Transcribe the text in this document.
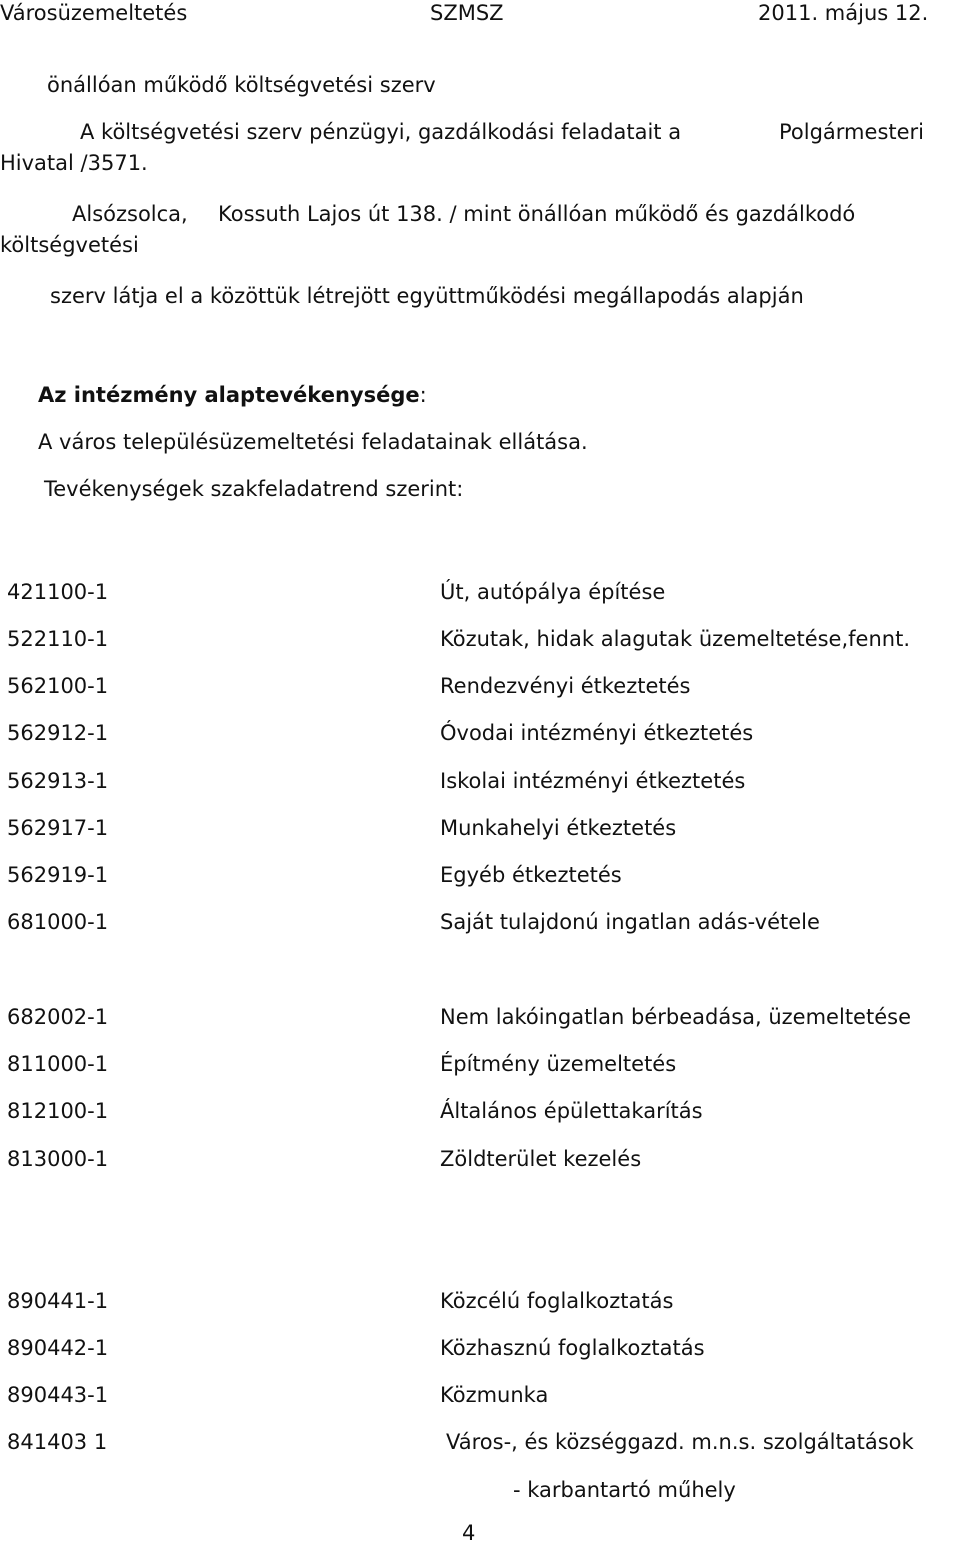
Városüzemeltetés	SZMSZ	2011. május 12.
önállóan működő költségvetési szerv
A költségvetési szerv pénzügyi, gazdálkodási feladatait a	Polgármesteri
Hivatal /3571.
Alsózsolca, Kossuth Lajos út 138. / mint önállóan működő és gazdálkodó
költségvetési
szerv látja el a közöttük létrejött együttműködési megállapodás alapján
Az intézmény alaptevékenysége:
A város településüzemeltetési feladatainak ellátása.
Tevékenységek szakfeladatrend szerint:
421100-1	Út, autópálya építése
522110-1	Közutak, hidak alagutak üzemeltetése,fennt.
562100-1	Rendezvényi étkeztetés
562912-1	Óvodai intézményi étkeztetés
562913-1	Iskolai intézményi étkeztetés
562917-1	Munkahelyi étkeztetés
562919-1	Egyéb étkeztetés
681000-1	Saját tulajdonú ingatlan adás-vétele
682002-1	Nem lakóingatlan bérbeadása, üzemeltetése
811000-1	Építmény üzemeltetés
812100-1	Általános épülettakarítás
813000-1	Zöldterület kezelés
890441-1	Közcélú foglalkoztatás
890442-1	Közhasznú foglalkoztatás
890443-1	Közmunka
841403 1	Város-, és községgazd. m.n.s. szolgáltatások
- karbantartó műhely
4
